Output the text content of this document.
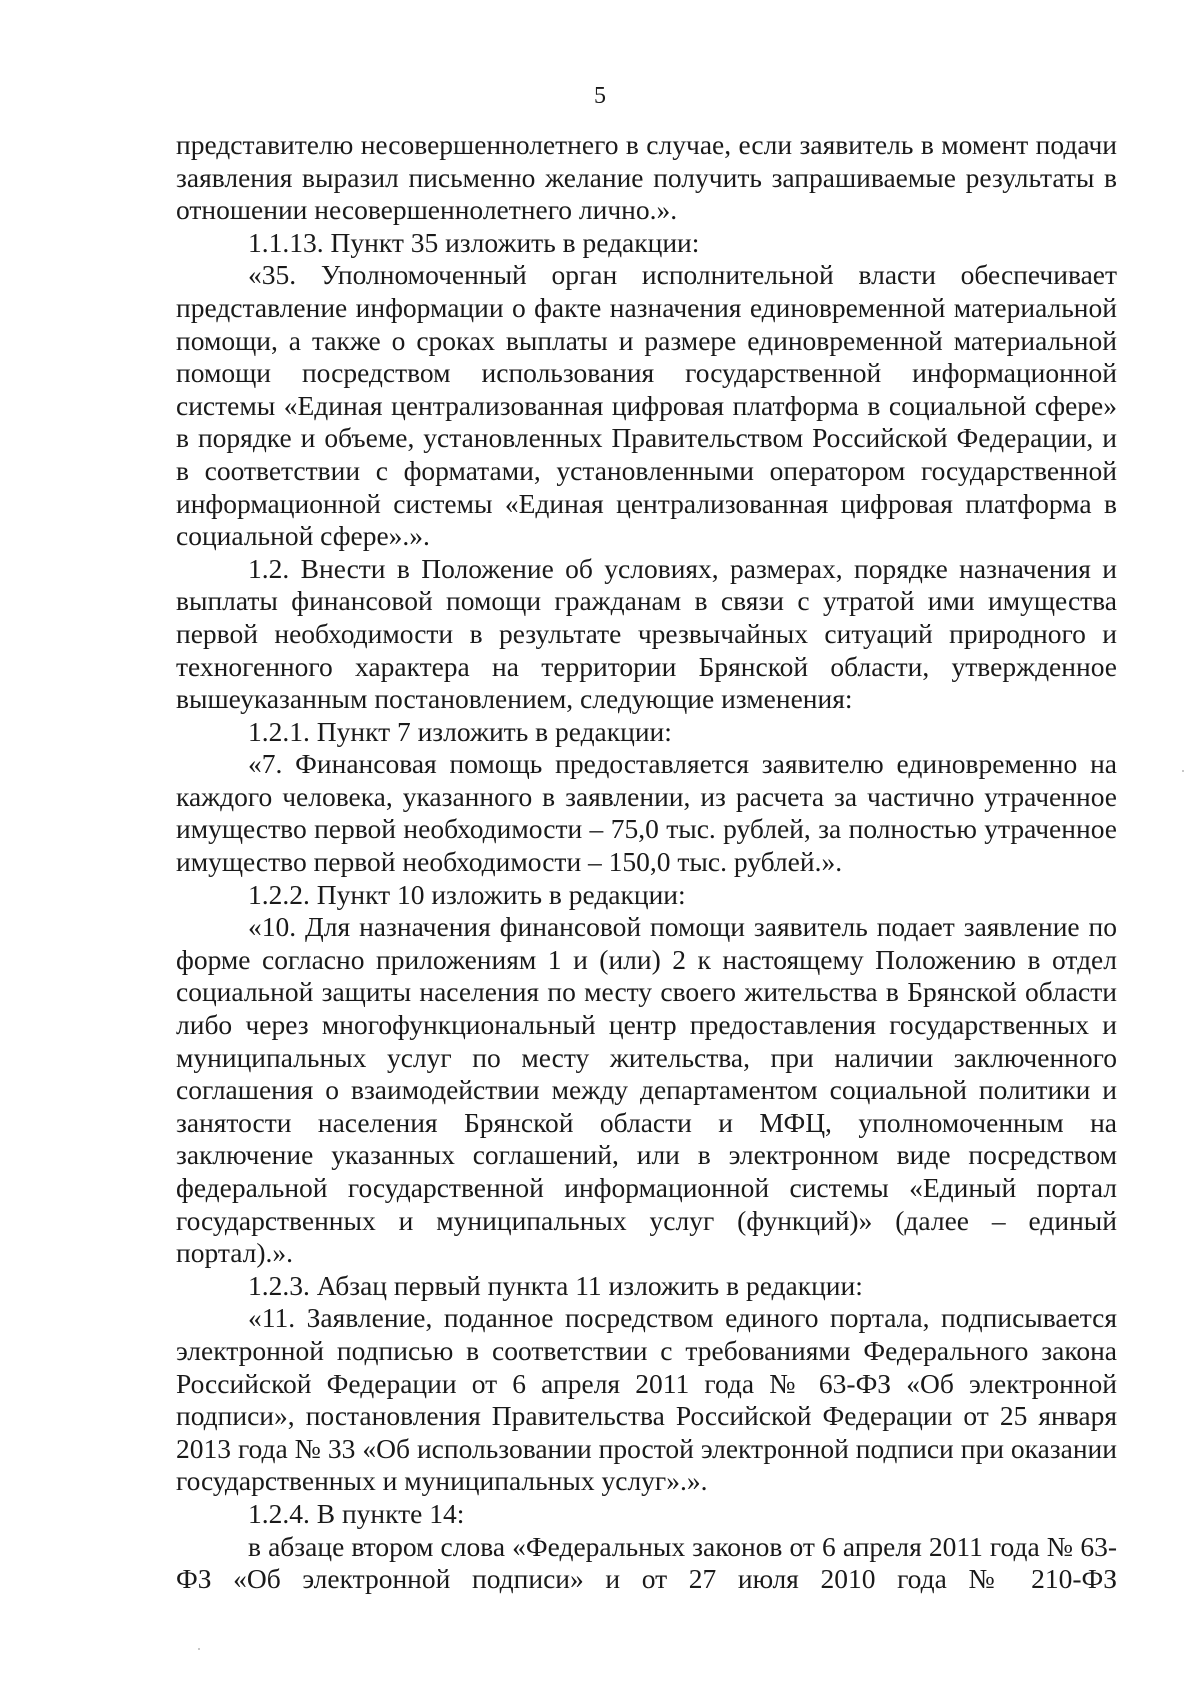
5

представителю несовершеннолетнего в случае, если заявитель в момент подачи заявления выразил письменно желание получить запрашиваемые результаты в отношении несовершеннолетнего лично.».

1.1.13. Пункт 35 изложить в редакции:

«35. Уполномоченный орган исполнительной власти обеспечивает представление информации о факте назначения единовременной материальной помощи, а также о сроках выплаты и размере единовременной материальной помощи посредством использования государственной информационной системы «Единая централизованная цифровая платформа в социальной сфере» в порядке и объеме, установленных Правительством Российской Федерации, и в соответствии с форматами, установленными оператором государственной информационной системы «Единая централизованная цифровая платформа в социальной сфере».».

1.2. Внести в Положение об условиях, размерах, порядке назначения и выплаты финансовой помощи гражданам в связи с утратой ими имущества первой необходимости в результате чрезвычайных ситуаций природного и техногенного характера на территории Брянской области, утвержденное вышеуказанным постановлением, следующие изменения:

1.2.1. Пункт 7 изложить в редакции:

«7. Финансовая помощь предоставляется заявителю единовременно на каждого человека, указанного в заявлении, из расчета за частично утраченное имущество первой необходимости – 75,0 тыс. рублей, за полностью утраченное имущество первой необходимости – 150,0 тыс. рублей.».

1.2.2. Пункт 10 изложить в редакции:

«10. Для назначения финансовой помощи заявитель подает заявление по форме согласно приложениям 1 и (или) 2 к настоящему Положению в отдел социальной защиты населения по месту своего жительства в Брянской области либо через многофункциональный центр предоставления государственных и муниципальных услуг по месту жительства, при наличии заключенного соглашения о взаимодействии между департаментом социальной политики и занятости населения Брянской области и МФЦ, уполномоченным на заключение указанных соглашений, или в электронном виде посредством федеральной государственной информационной системы «Единый портал государственных и муниципальных услуг (функций)» (далее – единый портал).».

1.2.3. Абзац первый пункта 11 изложить в редакции:

«11. Заявление, поданное посредством единого портала, подписывается электронной подписью в соответствии с требованиями Федерального закона Российской Федерации от 6 апреля 2011 года № 63-ФЗ «Об электронной подписи», постановления Правительства Российской Федерации от 25 января 2013 года № 33 «Об использовании простой электронной подписи при оказании государственных и муниципальных услуг».».

1.2.4. В пункте 14:

в абзаце втором слова «Федеральных законов от 6 апреля 2011 года № 63-ФЗ «Об электронной подписи» и от 27 июля 2010 года № 210-ФЗ
